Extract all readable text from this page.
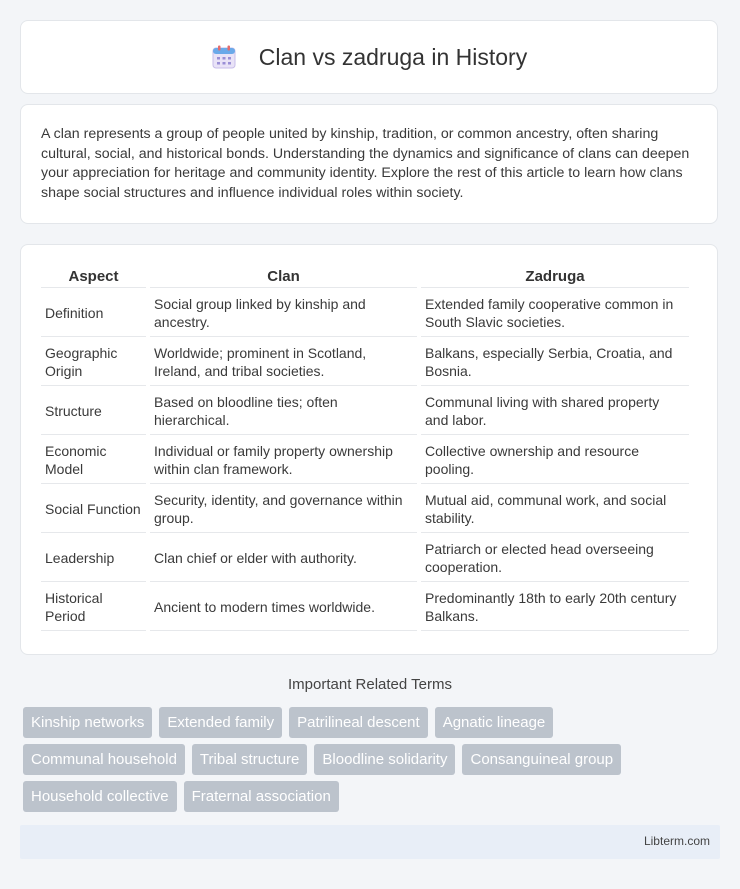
Clan vs zadruga in History

A clan represents a group of people united by kinship, tradition, or common ancestry, often sharing cultural, social, and historical bonds. Understanding the dynamics and significance of clans can deepen your appreciation for heritage and community identity. Explore the rest of this article to learn how clans shape social structures and influence individual roles within society.

Aspect	Clan	Zadruga
Definition	Social group linked by kinship and ancestry.	Extended family cooperative common in South Slavic societies.
Geographic Origin	Worldwide; prominent in Scotland, Ireland, and tribal societies.	Balkans, especially Serbia, Croatia, and Bosnia.
Structure	Based on bloodline ties; often hierarchical.	Communal living with shared property and labor.
Economic Model	Individual or family property ownership within clan framework.	Collective ownership and resource pooling.
Social Function	Security, identity, and governance within group.	Mutual aid, communal work, and social stability.
Leadership	Clan chief or elder with authority.	Patriarch or elected head overseeing cooperation.
Historical Period	Ancient to modern times worldwide.	Predominantly 18th to early 20th century Balkans.
Important Related Terms
Kinship networks	Extended family	Patrilineal descent	Agnatic lineage
Communal household	Tribal structure	Bloodline solidarity	Consanguineal group
Household collective	Fraternal association
Libterm.com
